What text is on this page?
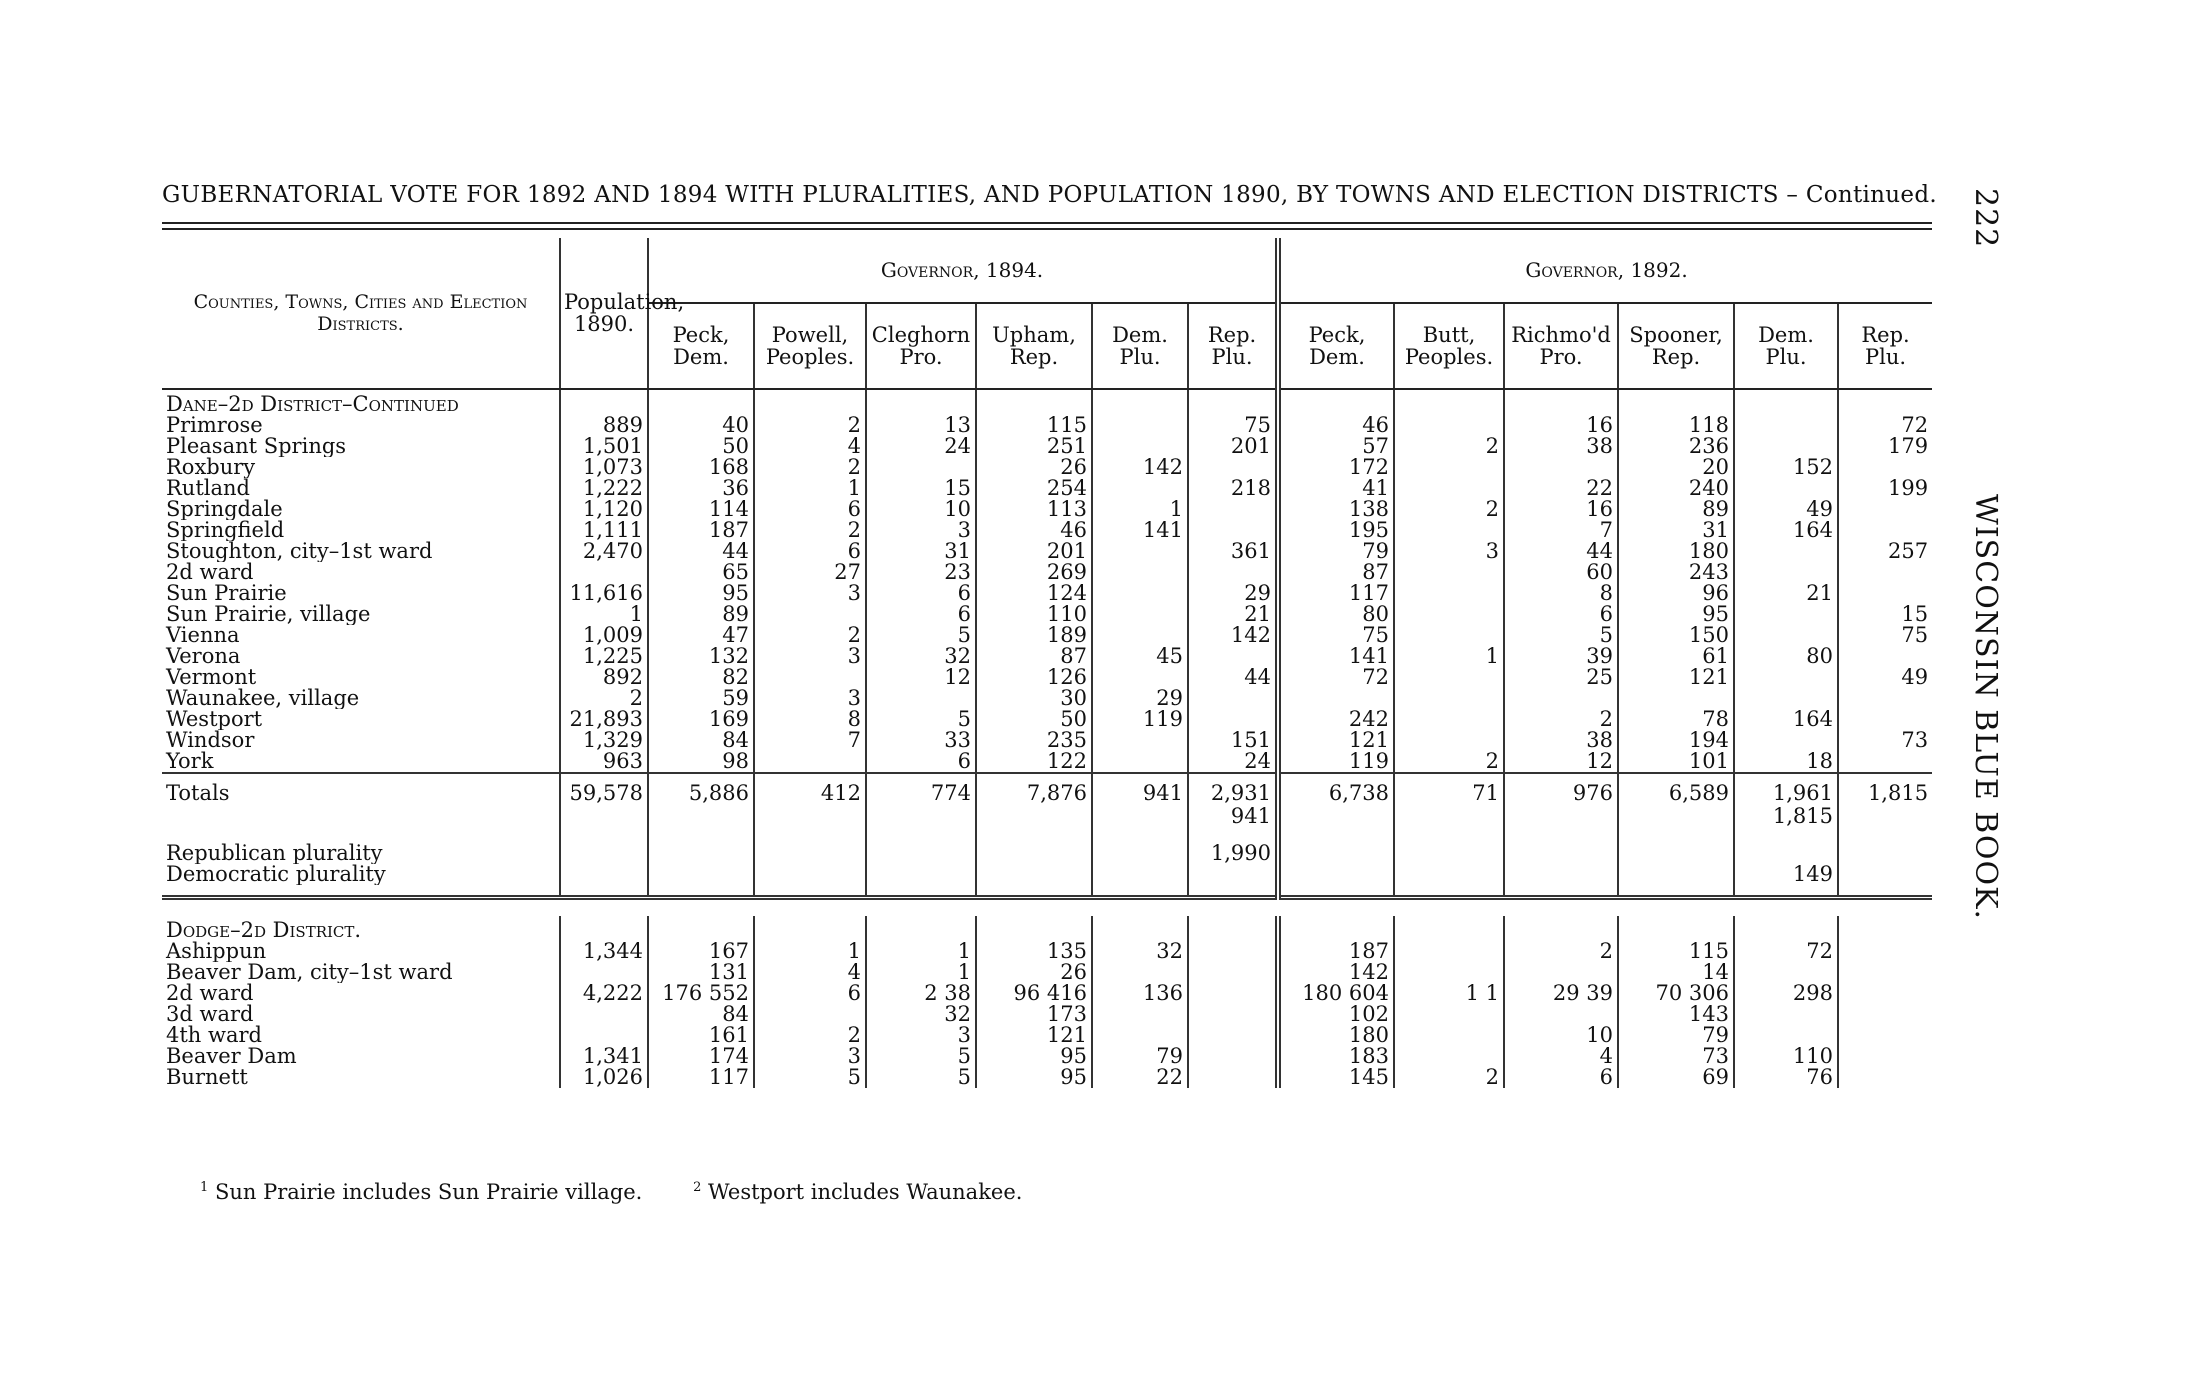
GUBERNATORIAL VOTE FOR 1892 AND 1894 WITH PLURALITIES, AND POPULATION 1890, BY TOWNS AND ELECTION DISTRICTS – Continued. 222
WISCONSIN BLUE BOOK.
Counties, Towns, Cities and Election Districts.	Population, 1890.	Governor, 1894.						Governor, 1892.					
		Peck, Dem.	Powell, Peoples.	Cleghorn Pro.	Upham, Rep.	Dem. Plu.	Rep. Plu.	Peck, Dem.	Butt, Peoples.	Richmo'd Pro.	Spooner, Rep.	Dem. Plu.	Rep. Plu.
Dane–2d District–Continued													
Primrose	889	40	2	13	115		75	46		16	118		72
Pleasant Springs	1,501	50	4	24	251		201	57	2	38	236		179
Roxbury	1,073	168	2		26	142		172			20	152	
Rutland	1,222	36	1	15	254		218	41		22	240		199
Springdale	1,120	114	6	10	113	1		138	2	16	89	49	
Springfield	1,111	187	2	3	46	141		195		7	31	164	
Stoughton, city–1st ward	2,470	44	6	31	201		361	79	3	44	180		257
2d ward		65	27	23	269			87		60	243		
Sun Prairie	11,616	95	3	6	124		29	117		8	96	21	
Sun Prairie, village	1	89		6	110		21	80		6	95		15
Vienna	1,009	47	2	5	189		142	75		5	150		75
Verona	1,225	132	3	32	87	45		141	1	39	61	80	
Vermont	892	82		12	126		44	72		25	121		49
Waunakee, village	2	59	3		30	29							
Westport	21,893	169	8	5	50	119		242		2	78	164	
Windsor	1,329	84	7	33	235		151	121		38	194		73
York	963	98		6	122		24	119	2	12	101	18	
Totals	59,578	5,886	412	774	7,876	941	2,931	6,738	71	976	6,589	1,961	1,815
							941					1,815	

Republican plurality							1,990						
Democratic plurality												149	

Dodge–2d District.													
Ashippun	1,344	167	1	1	135	32		187		2	115	72	
Beaver Dam, city–1st ward		131	4	1	26			142			14		
2d ward	4,222	176 552	6	2 38	96 416	136		180 604	1 1	29 39	70 306	298	
3d ward		84		32	173			102			143		
4th ward		161	2	3	121			180		10	79		
Beaver Dam	1,341	174	3	5	95	79		183		4	73	110	
Burnett	1,026	117	5	5	95	22		145	2	6	69	76	
$^1$ Sun Prairie includes Sun Prairie village.	$^2$ Westport includes Waunakee.
